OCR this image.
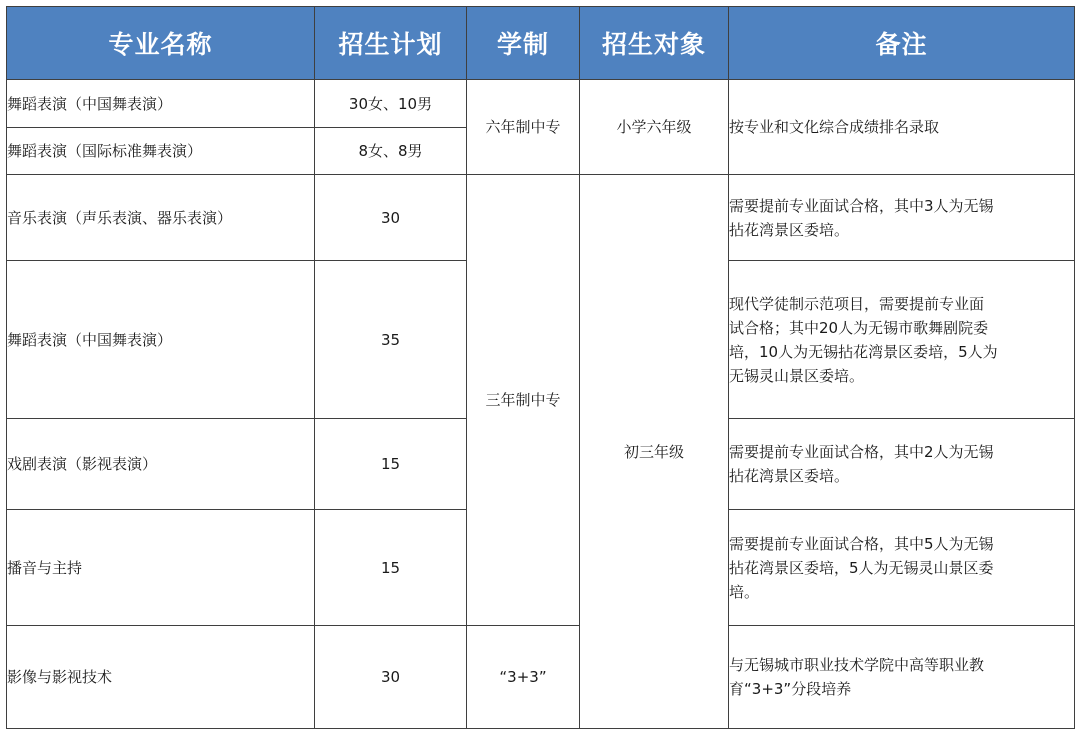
专业名称	招生计划	学制	招生对象	备注
舞蹈表演（中国舞表演）	30女、10男	六年制中专	小学六年级	按专业和文化综合成绩排名录取
舞蹈表演（国际标准舞表演）	8女、8男			
音乐表演（声乐表演、器乐表演）	30	三年制中专	初三年级	需要提前专业面试合格，其中3人为无锡
拈花湾景区委培。

舞蹈表演（中国舞表演）	35			现代学徒制示范项目，需要提前专业面
试合格；其中20人为无锡市歌舞剧院委
培，10人为无锡拈花湾景区委培，5人为
无锡灵山景区委培。

戏剧表演（影视表演）	15			需要提前专业面试合格，其中2人为无锡
拈花湾景区委培。

播音与主持	15			需要提前专业面试合格，其中5人为无锡
拈花湾景区委培，5人为无锡灵山景区委
培。

影像与影视技术	30	“3+3”		与无锡城市职业技术学院中高等职业教
育“3+3”分段培养
